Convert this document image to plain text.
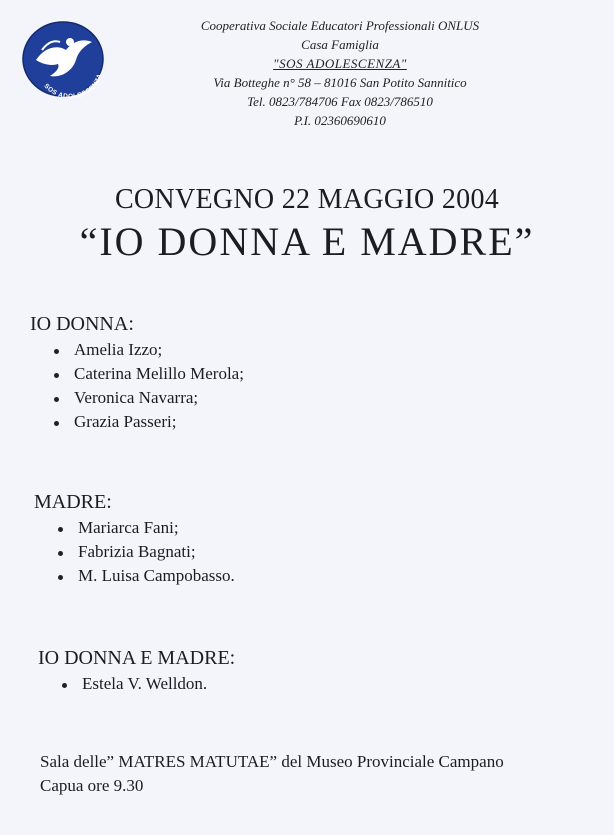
SOS ADOLESCENZA
Cooperativa Sociale Educatori Professionali ONLUS
Casa Famiglia
"SOS ADOLESCENZA"
Via Botteghe n° 58 – 81016 San Potito Sannitico
Tel. 0823/784706 Fax 0823/786510
P.I. 02360690610
CONVEGNO 22 MAGGIO 2004
“IO DONNA E MADRE”
IO DONNA:
Amelia Izzo;
Caterina Melillo Merola;
Veronica Navarra;
Grazia Passeri;
MADRE:
Mariarca Fani;
Fabrizia Bagnati;
M. Luisa Campobasso.
IO DONNA E MADRE:
Estela V. Welldon.
Sala delle” MATRES MATUTAE” del Museo Provinciale Campano
Capua ore 9.30
